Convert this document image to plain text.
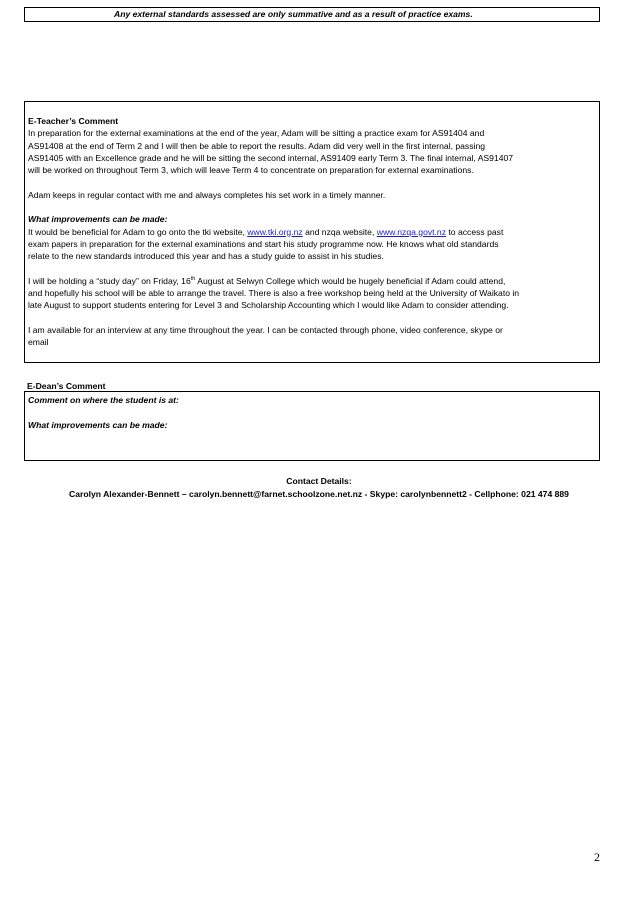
Any external standards assessed are only summative and as a result of practice exams.

E-Teacher’s Comment

In preparation for the external examinations at the end of the year, Adam will be sitting a practice exam for AS91404 and

AS91408 at the end of Term 2 and I will then be able to report the results. Adam did very well in the first internal, passing

AS91405 with an Excellence grade and he will be sitting the second internal, AS91409 early Term 3. The final internal, AS91407

will be worked on throughout Term 3, which will leave Term 4 to concentrate on preparation for external examinations.

Adam keeps in regular contact with me and always completes his set work in a timely manner.

What improvements can be made:

It would be beneficial for Adam to go onto the tki website, www.tki.org.nz and nzqa website, www.nzqa.govt.nz to access past

exam papers in preparation for the external examinations and start his study programme now. He knows what old standards

relate to the new standards introduced this year and has a study guide to assist in his studies.

I will be holding a “study day” on Friday, 16th August at Selwyn College which would be hugely beneficial if Adam could attend,

and hopefully his school will be able to arrange the travel. There is also a free workshop being held at the University of Waikato in

late August to support students entering for Level 3 and Scholarship Accounting which I would like Adam to consider attending.

I am available for an interview at any time throughout the year. I can be contacted through phone, video conference, skype or

email

E-Dean’s Comment

Comment on where the student is at:

What improvements can be made:

Contact Details:
Carolyn Alexander-Bennett – carolyn.bennett@farnet.schoolzone.net.nz - Skype: carolynbennett2 - Cellphone: 021 474 889
2
